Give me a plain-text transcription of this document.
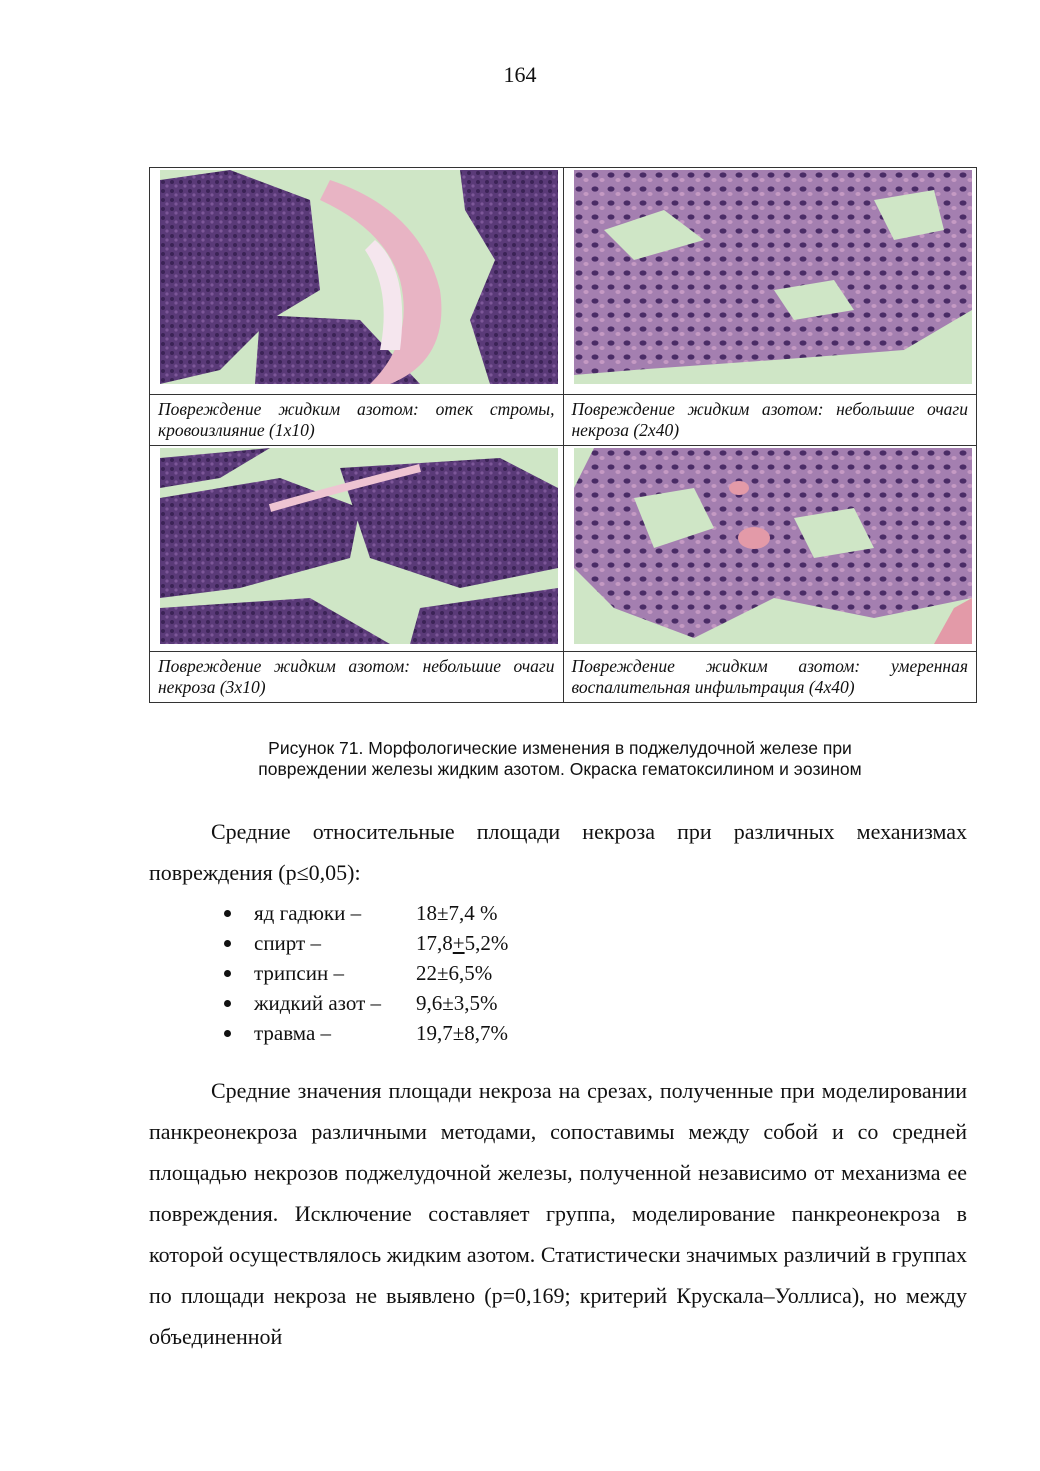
164

Повреждение жидким азотом: отек стромы, кровоизлияние (1х10)	Повреждение жидким азотом: небольшие очаги некроза (2х40)

Повреждение жидким азотом: небольшие очаги некроза (3х10)	Повреждение жидким азотом: умеренная воспалительная инфильтрация (4х40)
Рисунок 71. Морфологические изменения в поджелудочной железе при
повреждении железы жидким азотом. Окраска гематоксилином и эозином
Средние относительные площади некроза при различных механизмах повреждения (p≤0,05):
яд гадюки –	18±7,4 %
спирт –	17,8+5,2%
трипсин –	22±6,5%
жидкий азот – 9,6±3,5%
травма –	19,7±8,7%
Средние значения площади некроза на срезах, полученные при моделировании панкреонекроза различными методами, сопоставимы между собой и со средней площадью некрозов поджелудочной железы, полученной независимо от механизма ее повреждения. Исключение составляет группа, моделирование панкреонекроза в которой осуществлялось жидким азотом. Статистически значимых различий в группах по площади некроза не выявлено (p=0,169; критерий Крускала–Уоллиса), но между объединенной
